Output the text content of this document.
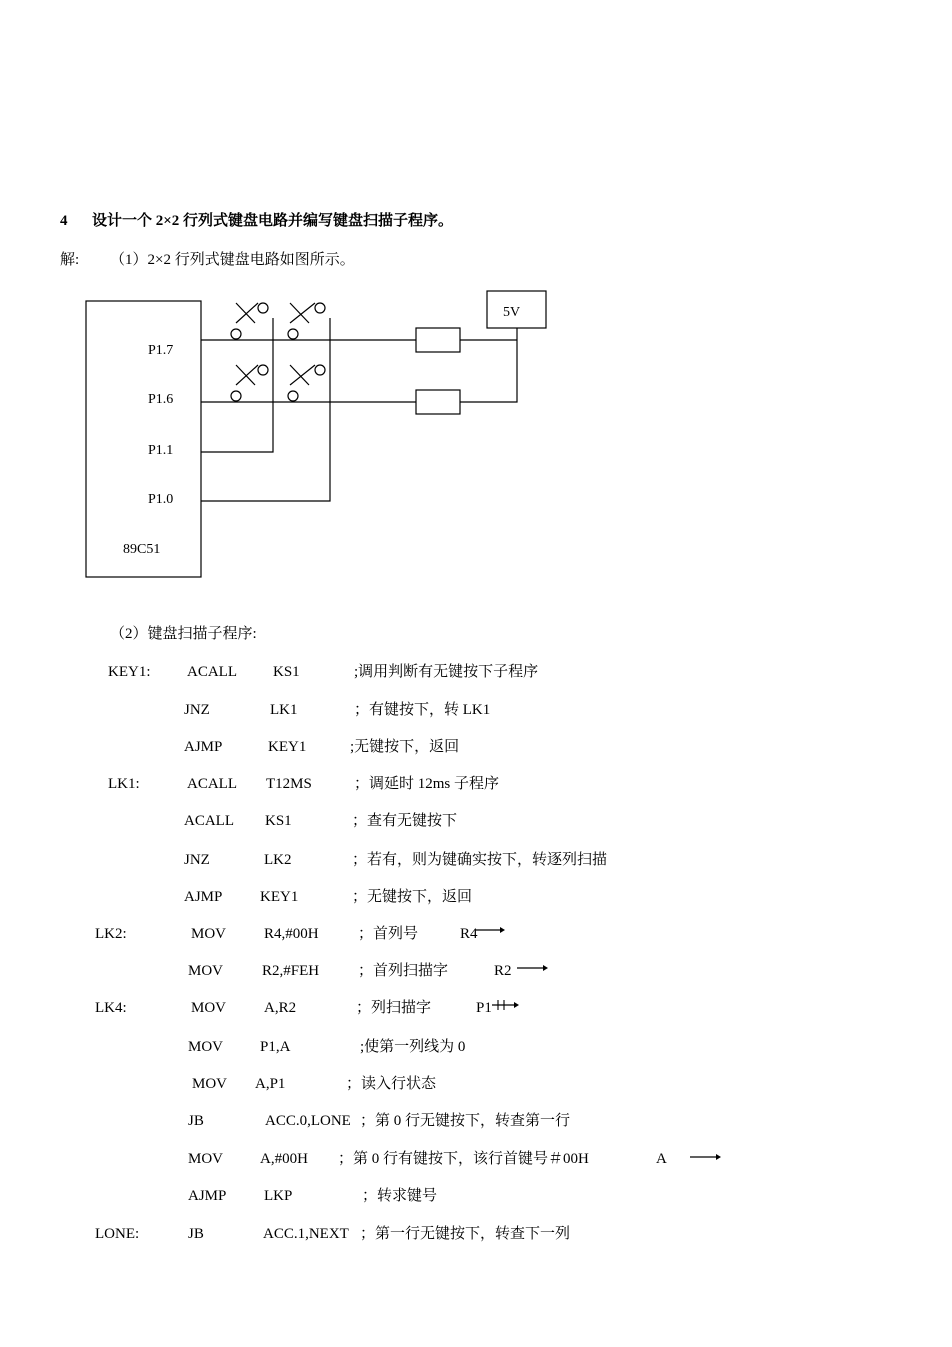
4 设计一个 2×2 行列式键盘电路并编写键盘扫描子程序。
解: （1）2×2 行列式键盘电路如图所示。
P1.7
P1.6
P1.1
P1.0
89C51
5V
（2）键盘扫描子程序:
KEY1: ACALL KS1	;调用判断有无键按下子程序
JNZ	LK1	；有键按下，转 LK1
AJMP	KEY1	;无键按下，返回
LK1:	ACALL T12MS	；调延时 12ms 子程序
ACALL KS1	；查有无键按下
JNZ	LK2	；若有，则为键确实按下，转逐列扫描
AJMP	KEY1	；无键按下，返回
LK2:	MOV	R4,#00H	；首列号	R4
MOV	R2,#FEH	；首列扫描字	R2
LK4:	MOV	A,R2	；列扫描字	P1
MOV P1,A	;使第一列线为 0
MOV A,P1	；读入行状态
JB	ACC.0,LONE ；第 0 行无键按下，转查第一行
MOV A,#00H ；第 0 行有键按下，该行首键号＃00H	A
AJMP	LKP	；转求键号
LONE:	JB	ACC.1,NEXT ；第一行无键按下，转查下一列
